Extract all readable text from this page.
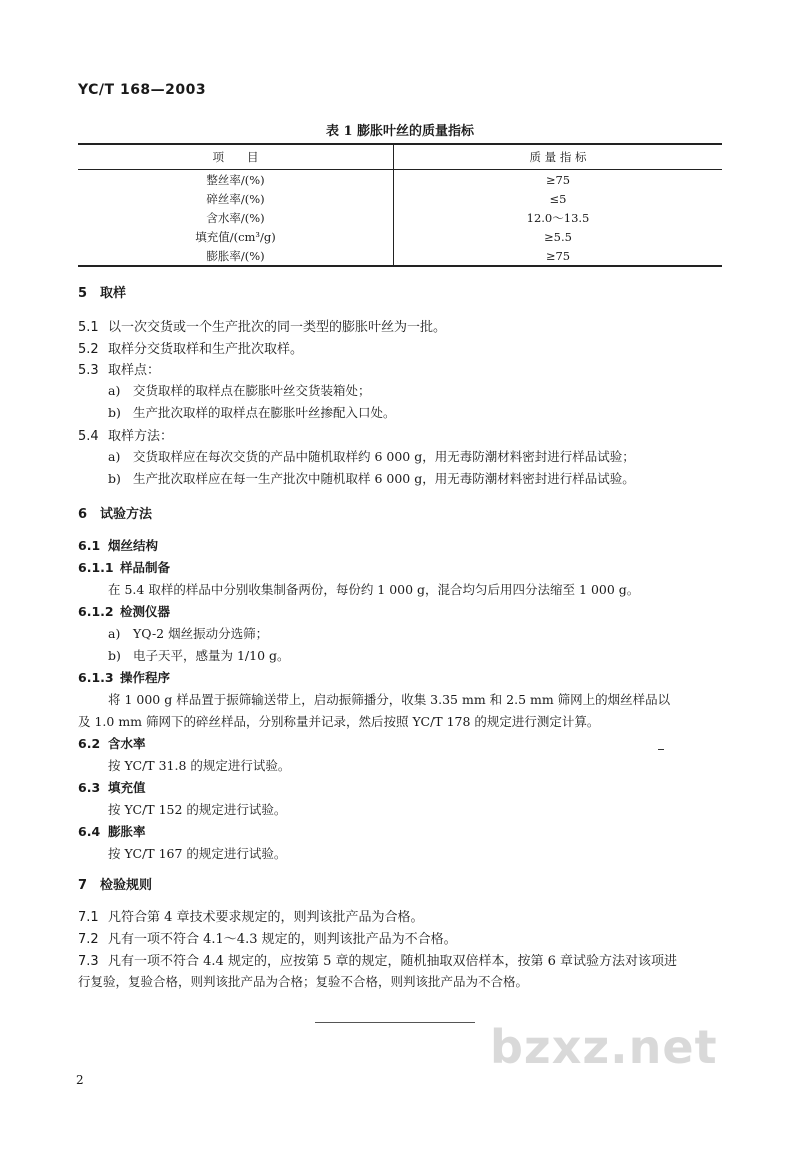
YC/T 168—2003
表 1 膨胀叶丝的质量指标
项　　目	质 量 指 标
整丝率/(%)	≥75
碎丝率/(%)	≤5
含水率/(%)	12.0～13.5
填充值/(cm³/g)	≥5.5
膨胀率/(%)	≥75
5 取样
5.1 以一次交货或一个生产批次的同一类型的膨胀叶丝为一批。
5.2 取样分交货取样和生产批次取样。
5.3 取样点：
a) 交货取样的取样点在膨胀叶丝交货装箱处；
b) 生产批次取样的取样点在膨胀叶丝掺配入口处。
5.4 取样方法：
a) 交货取样应在每次交货的产品中随机取样约 6 000 g，用无毒防潮材料密封进行样品试验；
b) 生产批次取样应在每一生产批次中随机取样 6 000 g，用无毒防潮材料密封进行样品试验。
6 试验方法
6.1 烟丝结构
6.1.1 样品制备
在 5.4 取样的样品中分别收集制备两份，每份约 1 000 g，混合均匀后用四分法缩至 1 000 g。
6.1.2 检测仪器
a) YQ-2 烟丝振动分选筛；
b) 电子天平，感量为 1/10 g。
6.1.3 操作程序
将 1 000 g 样品置于振筛输送带上，启动振筛播分，收集 3.35 mm 和 2.5 mm 筛网上的烟丝样品以
及 1.0 mm 筛网下的碎丝样品，分别称量并记录，然后按照 YC/T 178 的规定进行测定计算。
6.2 含水率
按 YC/T 31.8 的规定进行试验。
6.3 填充值
按 YC/T 152 的规定进行试验。
6.4 膨胀率
按 YC/T 167 的规定进行试验。
7 检验规则
7.1 凡符合第 4 章技术要求规定的，则判该批产品为合格。
7.2 凡有一项不符合 4.1～4.3 规定的，则判该批产品为不合格。
7.3 凡有一项不符合 4.4 规定的，应按第 5 章的规定，随机抽取双倍样本，按第 6 章试验方法对该项进
行复验，复验合格，则判该批产品为合格；复验不合格，则判该批产品为不合格。
bzxz.net
2
